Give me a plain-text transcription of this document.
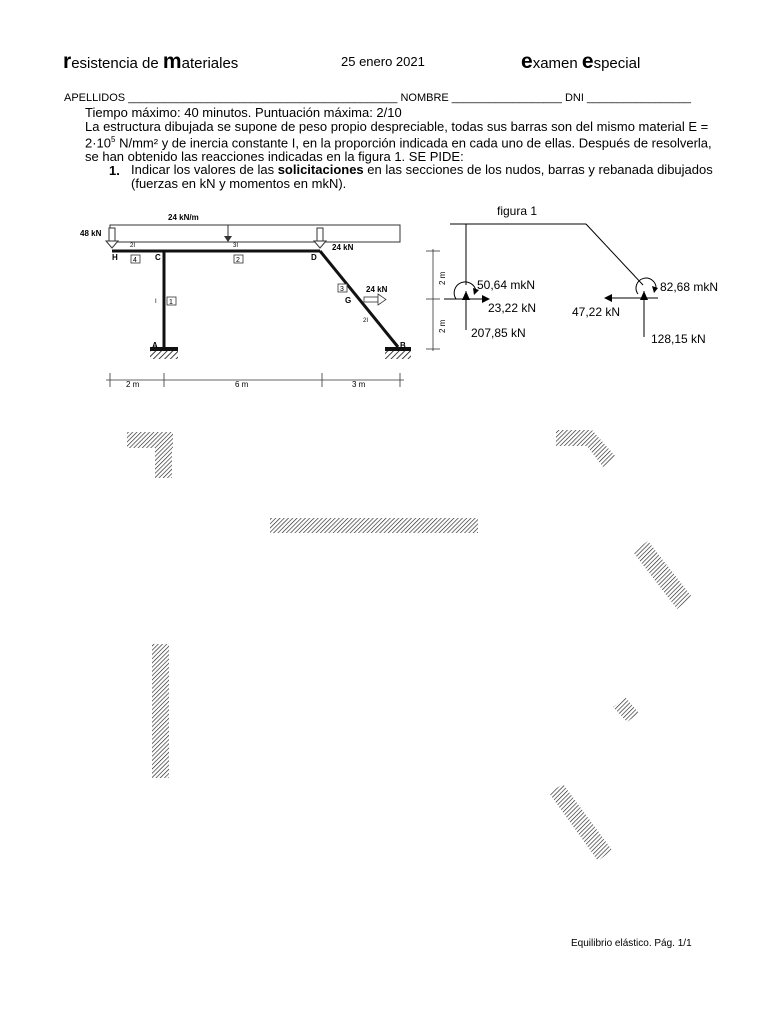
resistencia de materiales	25 enero 2021	examen especial
APELLIDOS ____________________________________________ NOMBRE __________________ DNI _________________
Tiempo máximo: 40 minutos. Puntuación máxima: 2/10
La estructura dibujada se supone de peso propio despreciable, todas sus barras son del mismo material E =
$2\cdot 10^5$ N/mm² y de inercia constante I, en la proporción indicada en cada uno de ellas. Después de resolverla,
se han obtenido las reacciones indicadas en la figura 1. SE PIDE:
1. Indicar los valores de las solicitaciones en las secciones de los nudos, barras y rebanada dibujados
(fuerzas en kN y momentos en mkN).
24 kN/m
48 kN
24 kN
H	C	D
G
A	B
4	2
1
3
2I	3I
I
2I
24 kN
2 m	6 m	3 m
2 m
2 m
figura 1
50,64 mkN
23,22 kN
207,85 kN
82,68 mkN
47,22 kN
128,15 kN
Equilibrio elástico. Pág. 1/1
